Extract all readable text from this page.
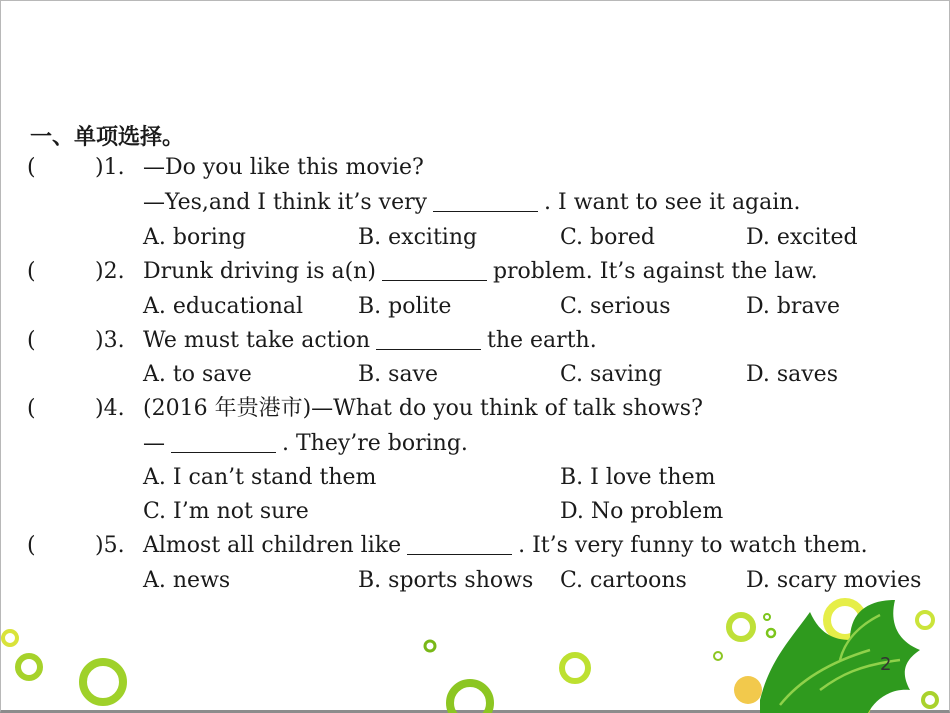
一、单项选择。
(	)1. —Do you like this movie?
—Yes,and I think it’s very	. I want to see it again.
A. boring	B. exciting	C. bored	D. excited
(	)2. Drunk driving is a(n)	problem. It’s against the law.
A. educational B. polite	C. serious	D. brave
(	)3. We must take action	the earth.
A. to save	B. save	C. saving	D. saves
(	)4. (2016 年贵港市)—What do you think of talk shows?
—	. They’re boring.
A. I can’t stand them	B. I love them
C. I’m not sure	D. No problem
(	)5. Almost all children like	. It’s very funny to watch them.
A. news	B. sports shows C. cartoons	D. scary movies
2
